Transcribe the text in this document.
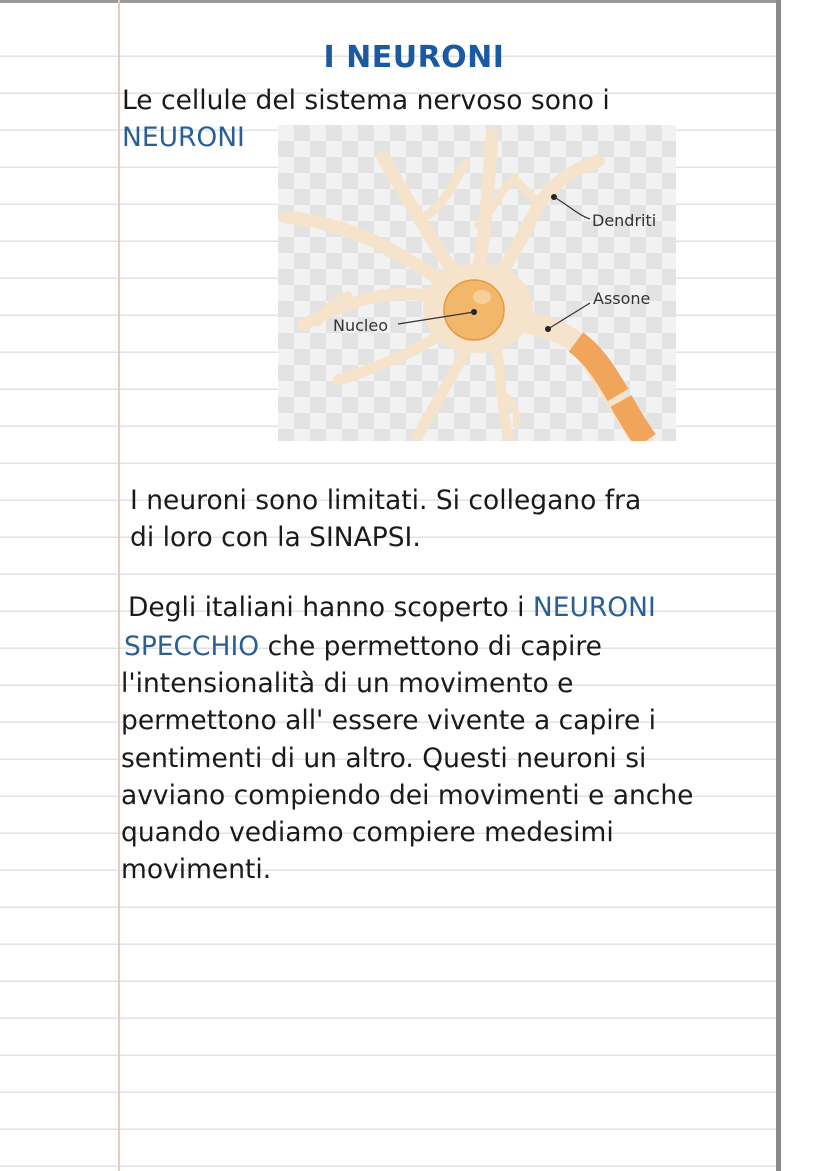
I NEURONI
Le cellule del sistema nervoso sono i
NEURONI
Dendriti
Assone
Nucleo
I neuroni sono limitati. Si collegano fra
di loro con la SINAPSI.
Degli italiani hanno scoperto i NEURONI
SPECCHIO che permettono di capire
l'intensionalità di un movimento e
permettono all' essere vivente a capire i
sentimenti di un altro. Questi neuroni si
avviano compiendo dei movimenti e anche
quando vediamo compiere medesimi
movimenti.
